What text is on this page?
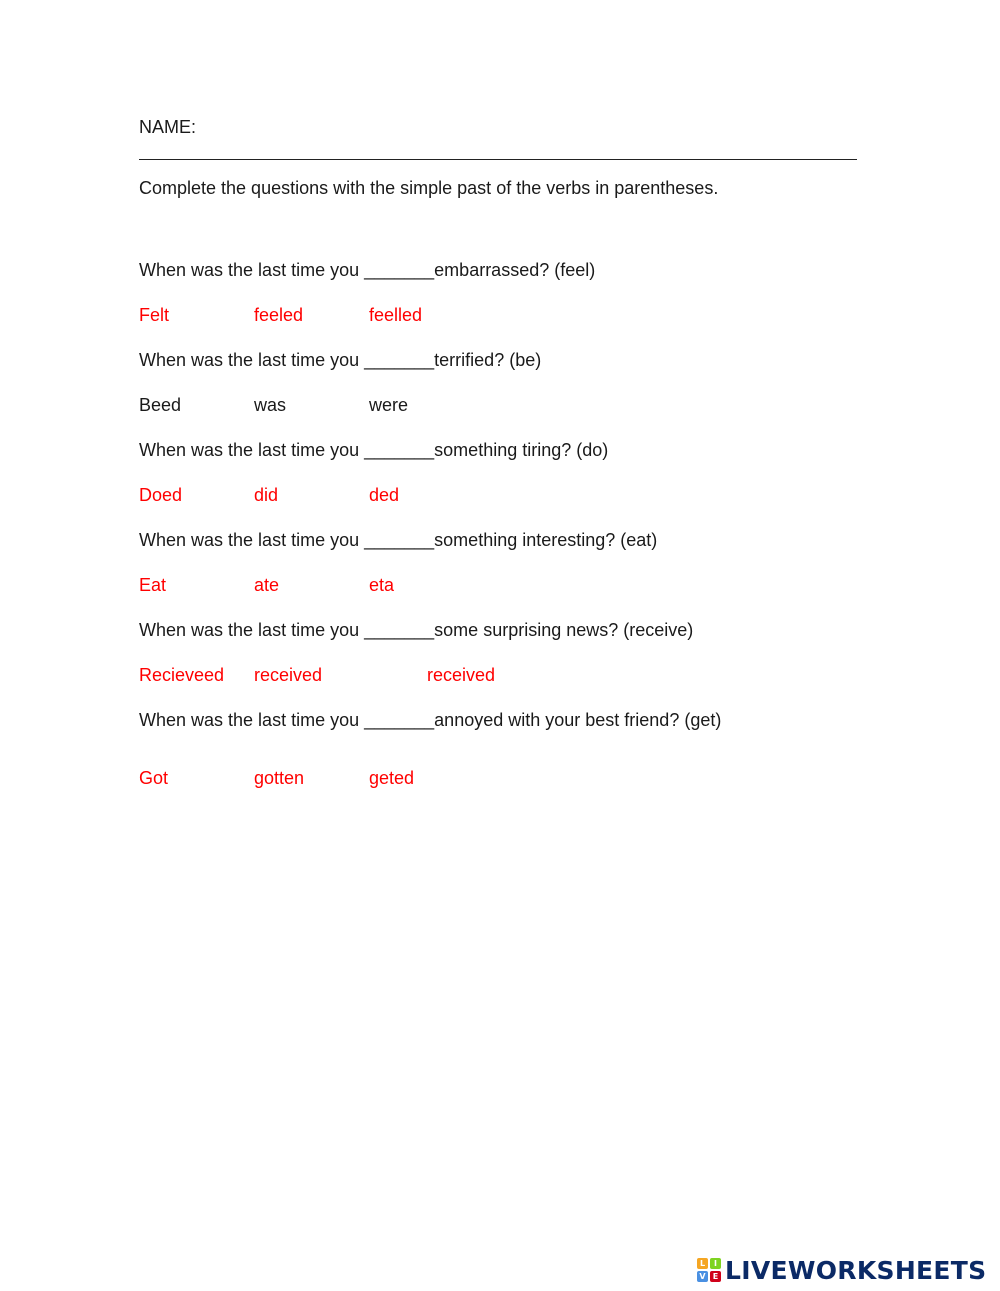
NAME:
Complete the questions with the simple past of the verbs in parentheses.
When was the last time you _______embarrassed? (feel)
Felt	feeled	feelled
When was the last time you _______terrified? (be)
Beed	was	were
When was the last time you _______something tiring? (do)
Doed	did	ded
When was the last time you _______something interesting? (eat)
Eat	ate	eta
When was the last time you _______some surprising news? (receive)
Recieveed received	received
When was the last time you _______annoyed with your best friend? (get)
Got	gotten	geted
L	I
V E LIVEWORKSHEETS
